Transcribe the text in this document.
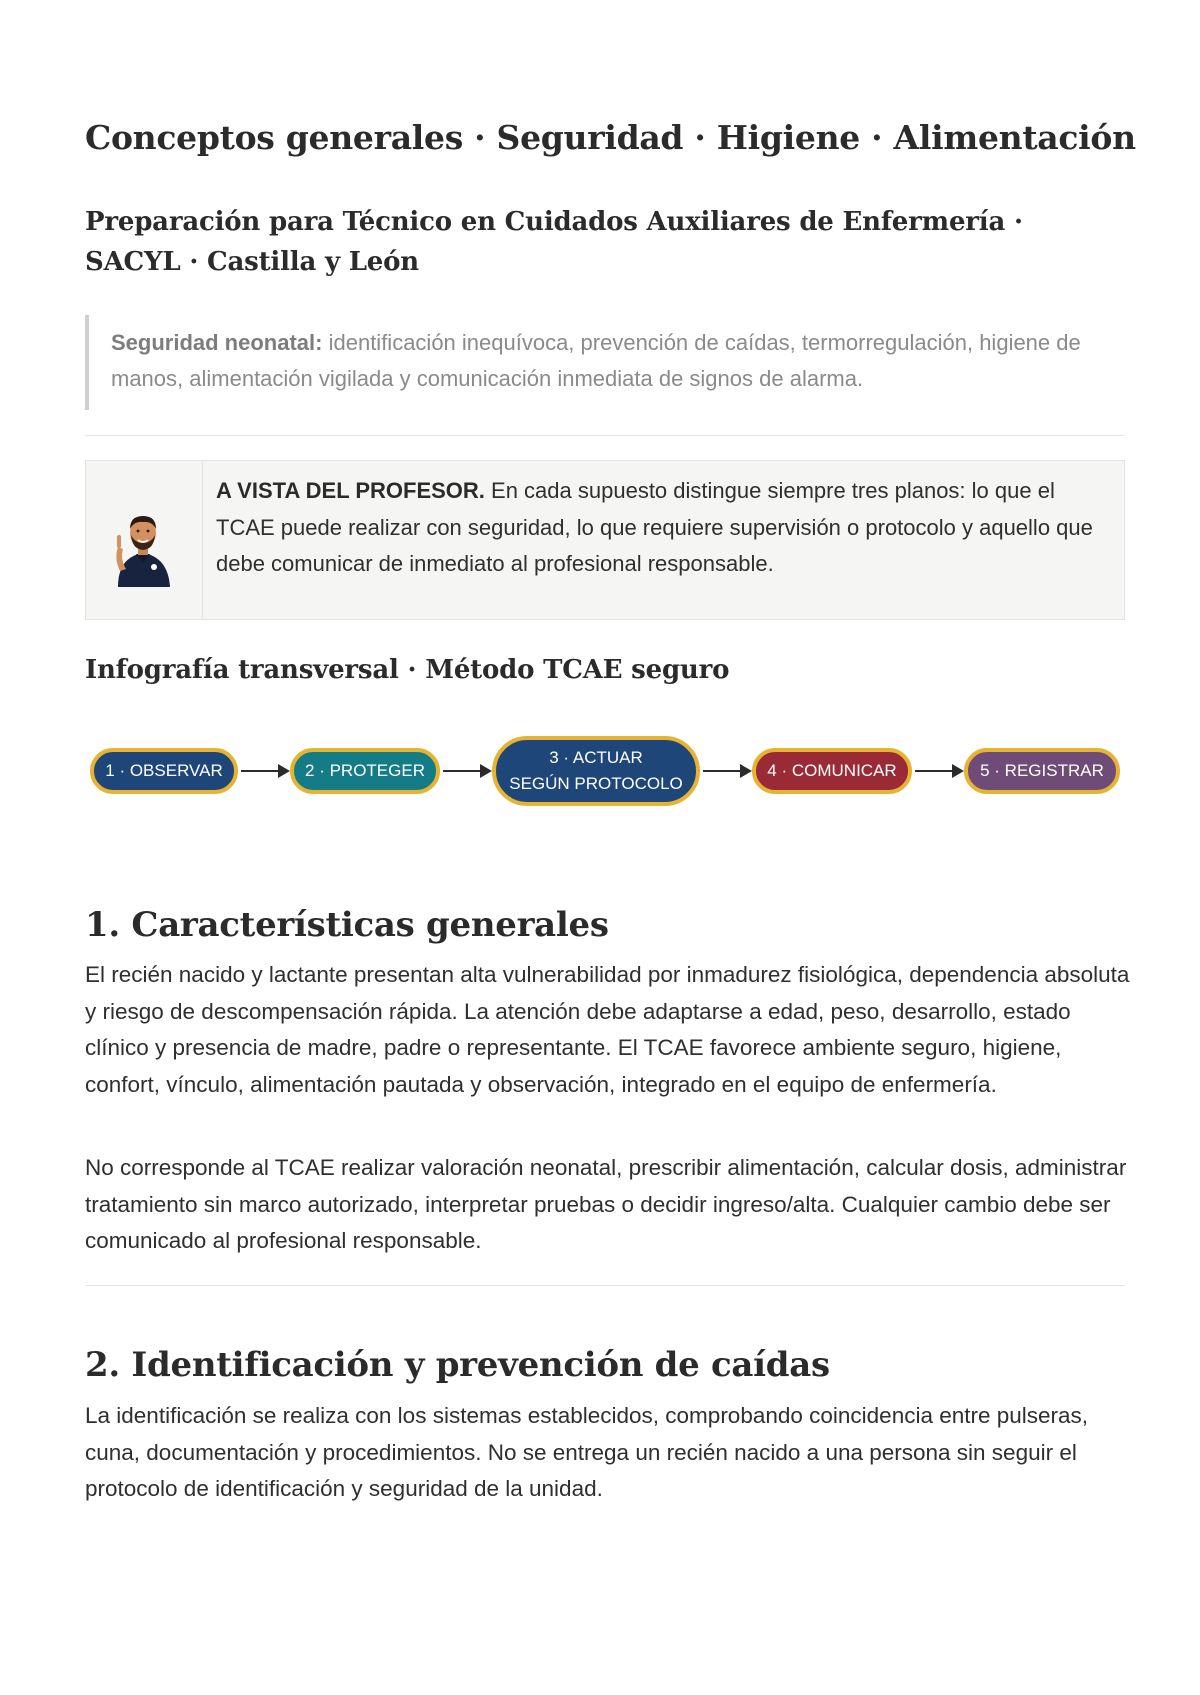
Conceptos generales · Seguridad · Higiene · Alimentación
Preparación para Técnico en Cuidados Auxiliares de Enfermería · SACYL · Castilla y León
Seguridad neonatal: identificación inequívoca, prevención de caídas, termorregulación, higiene de manos, alimentación vigilada y comunicación inmediata de signos de alarma.
A VISTA DEL PROFESOR. En cada supuesto distingue siempre tres planos: lo que el TCAE puede realizar con seguridad, lo que requiere supervisión o protocolo y aquello que debe comunicar de inmediato al profesional responsable.
Infografía transversal · Método TCAE seguro
1 · OBSERVAR	2 · PROTEGER
3 · ACTUAR
SEGÚN PROTOCOLO
4 · COMUNICAR	5 · REGISTRAR
1. Características generales

El recién nacido y lactante presentan alta vulnerabilidad por inmadurez fisiológica, dependencia absoluta y riesgo de descompensación rápida. La atención debe adaptarse a edad, peso, desarrollo, estado clínico y presencia de madre, padre o representante. El TCAE favorece ambiente seguro, higiene, confort, vínculo, alimentación pautada y observación, integrado en el equipo de enfermería.

No corresponde al TCAE realizar valoración neonatal, prescribir alimentación, calcular dosis, administrar tratamiento sin marco autorizado, interpretar pruebas o decidir ingreso/alta. Cualquier cambio debe ser comunicado al profesional responsable.

2. Identificación y prevención de caídas

La identificación se realiza con los sistemas establecidos, comprobando coincidencia entre pulseras, cuna, documentación y procedimientos. No se entrega un recién nacido a una persona sin seguir el protocolo de identificación y seguridad de la unidad.
